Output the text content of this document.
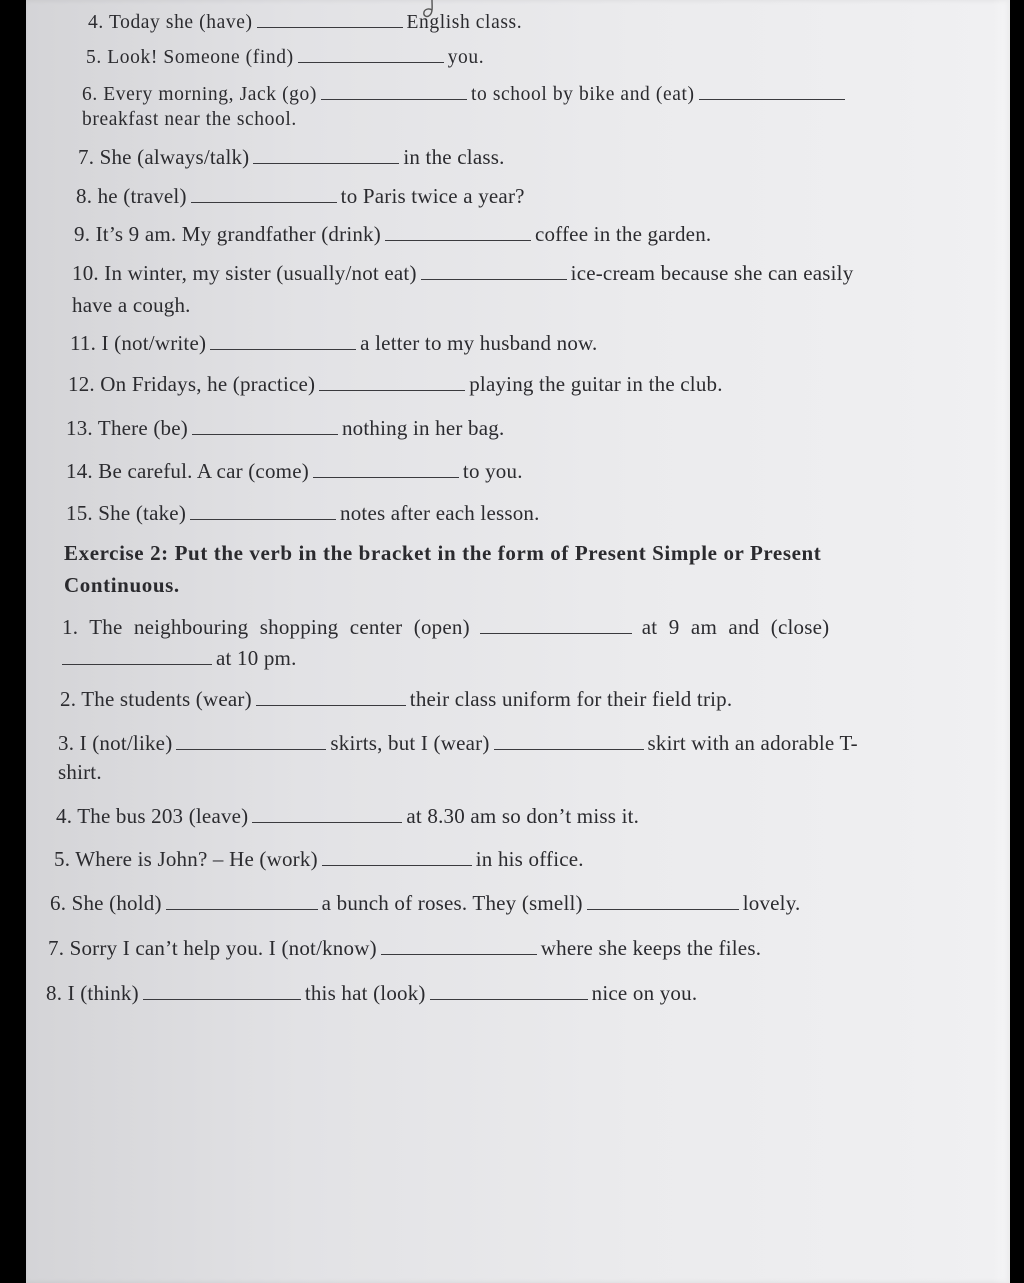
4. Today she (have)	English class.
5. Look! Someone (find)	you.
6. Every morning, Jack (go)	to school by bike and (eat)
breakfast near the school.
7. She (always/talk)	in the class.
8. he (travel)	to Paris twice a year?
9. It’s 9 am. My grandfather (drink)	coffee in the garden.
10. In winter, my sister (usually/not eat)	ice-cream because she can easily
have a cough.
11. I (not/write)	a letter to my husband now.
12. On Fridays, he (practice)	playing the guitar in the club.
13. There (be)	nothing in her bag.
14. Be careful. A car (come)	to you.
15. She (take)	notes after each lesson.
Exercise 2: Put the verb in the bracket in the form of Present Simple or Present
Continuous.
1. The neighbouring shopping center (open)	at 9 am and (close)
at 10 pm.
2. The students (wear)	their class uniform for their field trip.
3. I (not/like)	skirts, but I (wear)	skirt with an adorable T-
shirt.
4. The bus 203 (leave)	at 8.30 am so don’t miss it.
5. Where is John? – He (work)	in his office.
6. She (hold)	a bunch of roses. They (smell)	lovely.
7. Sorry I can’t help you. I (not/know)	where she keeps the files.
8. I (think)	this hat (look)	nice on you.
